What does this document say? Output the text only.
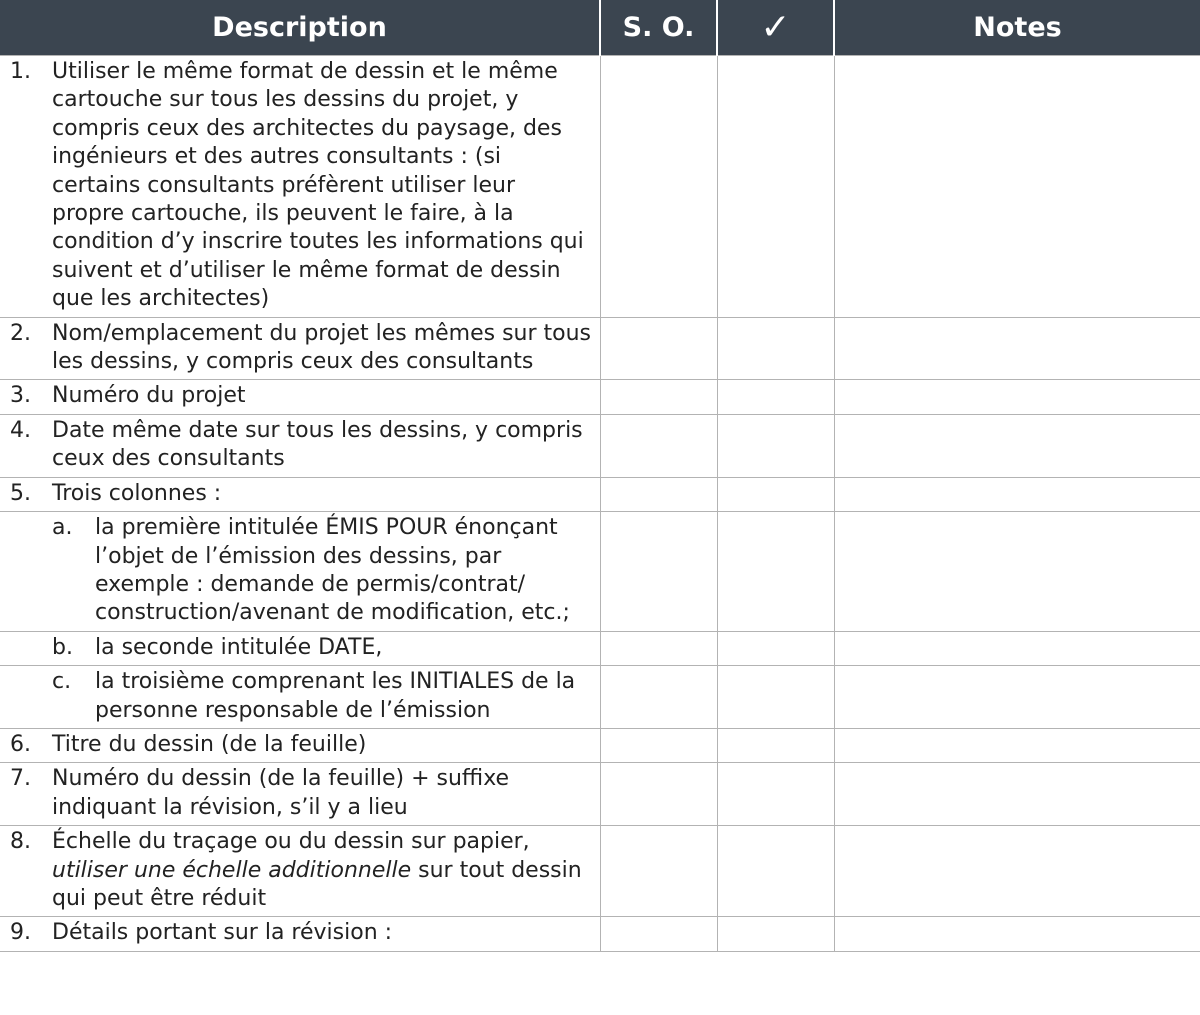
Description	S. O.	✓	Notes

1. Utiliser le même format de dessin et le même cartouche sur tous les dessins du projet, y compris ceux des architectes du paysage, des ingénieurs et des autres consultants : (si certains consultants préfèrent utiliser leur propre cartouche, ils peuvent le faire, à la condition d’y inscrire toutes les informations qui suivent et d’utiliser le même format de dessin que les architectes)			

2. Nom/emplacement du projet les mêmes sur tous les dessins, y compris ceux des consultants			

3. Numéro du projet			

4. Date même date sur tous les dessins, y compris ceux des consultants			

5. Trois colonnes :			

a. la première intitulée ÉMIS POUR énonçant l’objet de l’émission des dessins, par exemple : demande de permis/contrat/ construction/avenant de modification, etc.;			

b. la seconde intitulée DATE,			

c. la troisième comprenant les INITIALES de la personne responsable de l’émission			

6. Titre du dessin (de la feuille)			

7. Numéro du dessin (de la feuille) + suffixe indiquant la révision, s’il y a lieu			

8. Échelle du traçage ou du dessin sur papier, utiliser une échelle additionnelle sur tout dessin qui peut être réduit			

9. Détails portant sur la révision :			
